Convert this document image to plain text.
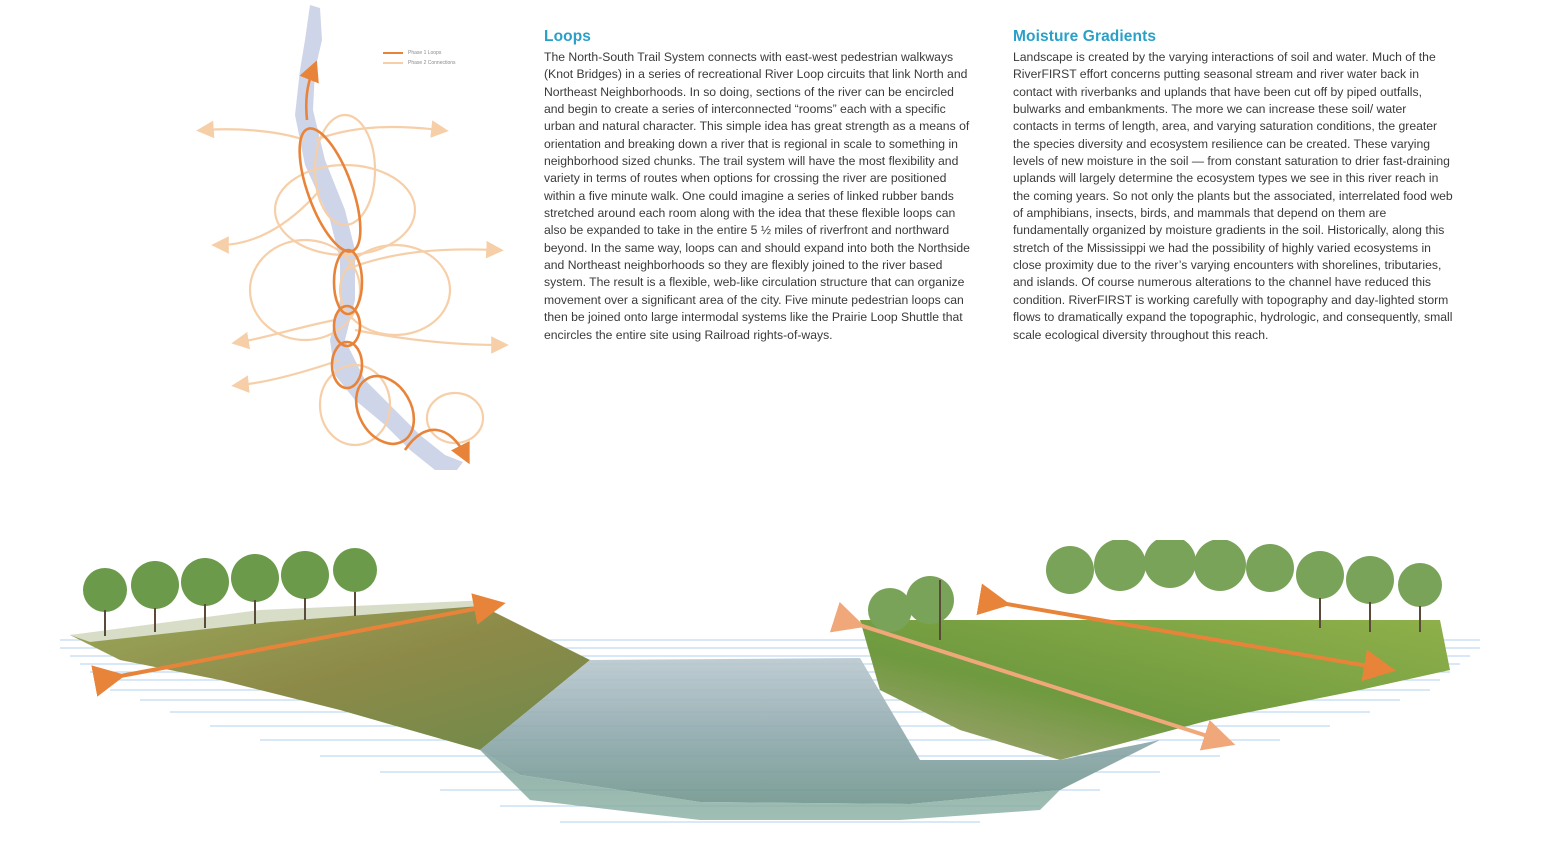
Phase 1 Loops
Phase 2 Connections
Loops

The North-South Trail System connects with east-west pedestrian walkways (Knot Bridges) in a series of recreational River Loop circuits that link North and Northeast Neighborhoods. In so doing, sections of the river can be encircled and begin to create a series of interconnected “rooms” each with a specific urban and natural character. This simple idea has great strength as a means of orientation and breaking down a river that is regional in scale to something in neighborhood sized chunks. The trail system will have the most flexibility and variety in terms of routes when options for crossing the river are positioned within a five minute walk. One could imagine a series of linked rubber bands stretched around each room along with the idea that these flexible loops can also be expanded to take in the entire 5 ½ miles of riverfront and northward beyond. In the same way, loops can and should expand into both the Northside and Northeast neighborhoods so they are flexibly joined to the river based system. The result is a flexible, web-like circulation structure that can organize movement over a significant area of the city. Five minute pedestrian loops can then be joined onto large intermodal systems like the Prairie Loop Shuttle that encircles the entire site using Railroad rights-of-ways.

Moisture Gradients

Landscape is created by the varying interactions of soil and water. Much of the RiverFIRST effort concerns putting seasonal stream and river water back in contact with riverbanks and uplands that have been cut off by piped outfalls, bulwarks and embankments. The more we can increase these soil/ water contacts in terms of length, area, and varying saturation conditions, the greater the species diversity and ecosystem resilience can be created. These varying levels of new moisture in the soil — from constant saturation to drier fast-draining uplands will largely determine the ecosystem types we see in this river reach in the coming years. So not only the plants but the associated, interrelated food web of amphibians, insects, birds, and mammals that depend on them are fundamentally organized by moisture gradients in the soil. Historically, along this stretch of the Mississippi we had the possibility of highly varied ecosystems in close proximity due to the river’s varying encounters with shorelines, tributaries, and islands. Of course numerous alterations to the channel have reduced this condition. RiverFIRST is working carefully with topography and day-lighted storm flows to dramatically expand the topographic, hydrologic, and consequently, small scale ecological diversity throughout this reach.
